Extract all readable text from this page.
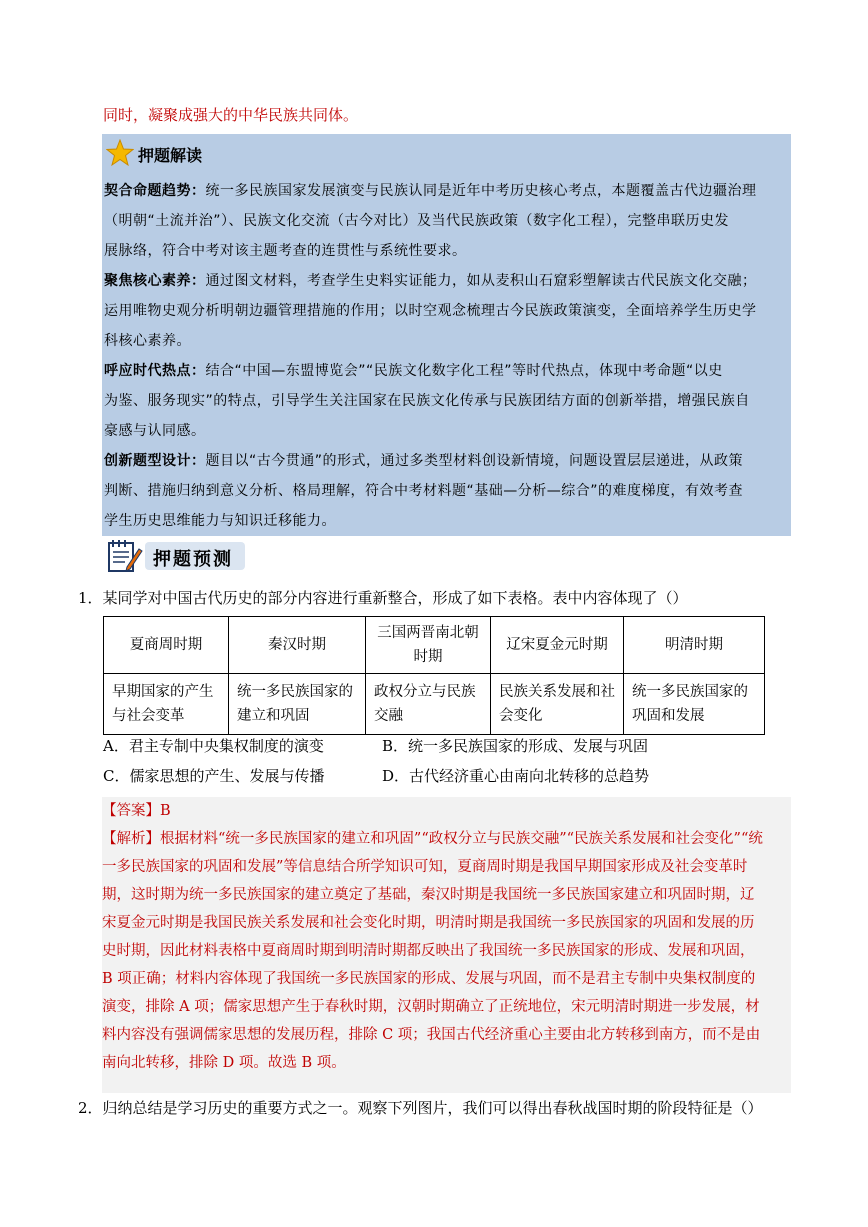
同时，凝聚成强大的中华民族共同体。
押题解读

契合命题趋势：统一多民族国家发展演变与民族认同是近年中考历史核心考点，本题覆盖古代边疆治理

（明朝“土流并治”）、民族文化交流（古今对比）及当代民族政策（数字化工程），完整串联历史发

展脉络，符合中考对该主题考查的连贯性与系统性要求。

聚焦核心素养：通过图文材料，考查学生史料实证能力，如从麦积山石窟彩塑解读古代民族文化交融；

运用唯物史观分析明朝边疆管理措施的作用；以时空观念梳理古今民族政策演变，全面培养学生历史学

科核心素养。

呼应时代热点：结合“中国—东盟博览会”“民族文化数字化工程”等时代热点，体现中考命题“以史

为鉴、服务现实”的特点，引导学生关注国家在民族文化传承与民族团结方面的创新举措，增强民族自

豪感与认同感。

创新题型设计：题目以“古今贯通”的形式，通过多类型材料创设新情境，问题设置层层递进，从政策

判断、措施归纳到意义分析、格局理解，符合中考材料题“基础—分析—综合”的难度梯度，有效考查

学生历史思维能力与知识迁移能力。

押题预测
1．某同学对中国古代历史的部分内容进行重新整合，形成了如下表格。表中内容体现了（）
夏商周时期	秦汉时期	三国两晋南北朝时期	辽宋夏金元时期	明清时期
早期国家的产生与社会变革	统一多民族国家的建立和巩固	政权分立与民族交融	民族关系发展和社会变化	统一多民族国家的巩固和发展
A．君主专制中央集权制度的演变	B．统一多民族国家的形成、发展与巩固
C．儒家思想的产生、发展与传播	D．古代经济重心由南向北转移的总趋势

【答案】B

【解析】根据材料“统一多民族国家的建立和巩固”“政权分立与民族交融”“民族关系发展和社会变化”“统

一多民族国家的巩固和发展”等信息结合所学知识可知，夏商周时期是我国早期国家形成及社会变革时

期，这时期为统一多民族国家的建立奠定了基础，秦汉时期是我国统一多民族国家建立和巩固时期，辽

宋夏金元时期是我国民族关系发展和社会变化时期，明清时期是我国统一多民族国家的巩固和发展的历

史时期，因此材料表格中夏商周时期到明清时期都反映出了我国统一多民族国家的形成、发展和巩固，

B 项正确；材料内容体现了我国统一多民族国家的形成、发展与巩固，而不是君主专制中央集权制度的

演变，排除 A 项；儒家思想产生于春秋时期，汉朝时期确立了正统地位，宋元明清时期进一步发展，材

料内容没有强调儒家思想的发展历程，排除 C 项；我国古代经济重心主要由北方转移到南方，而不是由

南向北转移，排除 D 项。故选 B 项。

2．归纳总结是学习历史的重要方式之一。观察下列图片，我们可以得出春秋战国时期的阶段特征是（）
